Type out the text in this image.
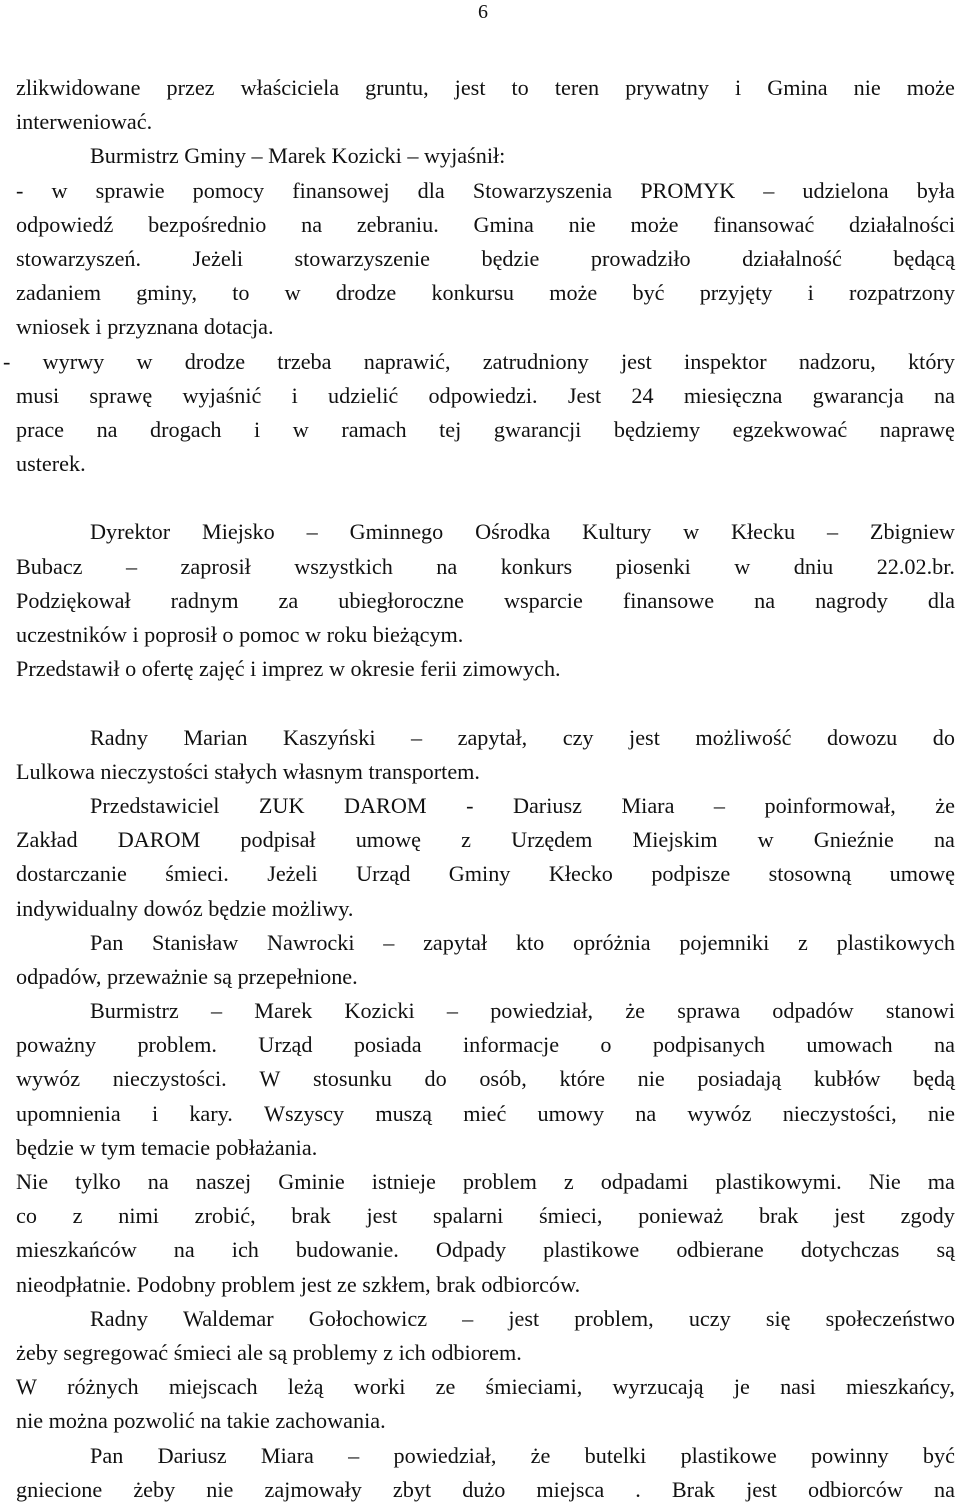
6
zlikwidowane przez właściciela gruntu, jest to teren prywatny i Gmina nie może
interweniować.
Burmistrz Gminy – Marek Kozicki – wyjaśnił:
- w sprawie pomocy finansowej dla Stowarzyszenia PROMYK – udzielona była
odpowiedź bezpośrednio na zebraniu. Gmina nie może finansować działalności
stowarzyszeń. Jeżeli stowarzyszenie będzie prowadziło działalność będącą
zadaniem gminy, to w drodze konkursu może być przyjęty i rozpatrzony
wniosek i przyznana dotacja.
- wyrwy w drodze trzeba naprawić, zatrudniony jest inspektor nadzoru, który
musi sprawę wyjaśnić i udzielić odpowiedzi. Jest 24 miesięczna gwarancja na
prace na drogach i w ramach tej gwarancji będziemy egzekwować naprawę
usterek.
Dyrektor Miejsko – Gminnego Ośrodka Kultury w Kłecku – Zbigniew
Bubacz – zaprosił wszystkich na konkurs piosenki w dniu 22.02.br.
Podziękował radnym za ubiegłoroczne wsparcie finansowe na nagrody dla
uczestników i poprosił o pomoc w roku bieżącym.
Przedstawił o ofertę zajęć i imprez w okresie ferii zimowych.
Radny Marian Kaszyński – zapytał, czy jest możliwość dowozu do
Lulkowa nieczystości stałych własnym transportem.
Przedstawiciel ZUK DAROM - Dariusz Miara – poinformował, że
Zakład DAROM podpisał umowę z Urzędem Miejskim w Gnieźnie na
dostarczanie śmieci. Jeżeli Urząd Gminy Kłecko podpisze stosowną umowę
indywidualny dowóz będzie możliwy.
Pan Stanisław Nawrocki – zapytał kto opróżnia pojemniki z plastikowych
odpadów, przeważnie są przepełnione.
Burmistrz – Marek Kozicki – powiedział, że sprawa odpadów stanowi
poważny problem. Urząd posiada informacje o podpisanych umowach na
wywóz nieczystości. W stosunku do osób, które nie posiadają kubłów będą
upomnienia i kary. Wszyscy muszą mieć umowy na wywóz nieczystości, nie
będzie w tym temacie pobłażania.
Nie tylko na naszej Gminie istnieje problem z odpadami plastikowymi. Nie ma
co z nimi zrobić, brak jest spalarni śmieci, ponieważ brak jest zgody
mieszkańców na ich budowanie. Odpady plastikowe odbierane dotychczas są
nieodpłatnie. Podobny problem jest ze szkłem, brak odbiorców.
Radny Waldemar Gołochowicz – jest problem, uczy się społeczeństwo
żeby segregować śmieci ale są problemy z ich odbiorem.
W różnych miejscach leżą worki ze śmieciami, wyrzucają je nasi mieszkańcy,
nie można pozwolić na takie zachowania.
Pan Dariusz Miara – powiedział, że butelki plastikowe powinny być
gniecione żeby nie zajmowały zbyt dużo miejsca . Brak jest odbiorców na
